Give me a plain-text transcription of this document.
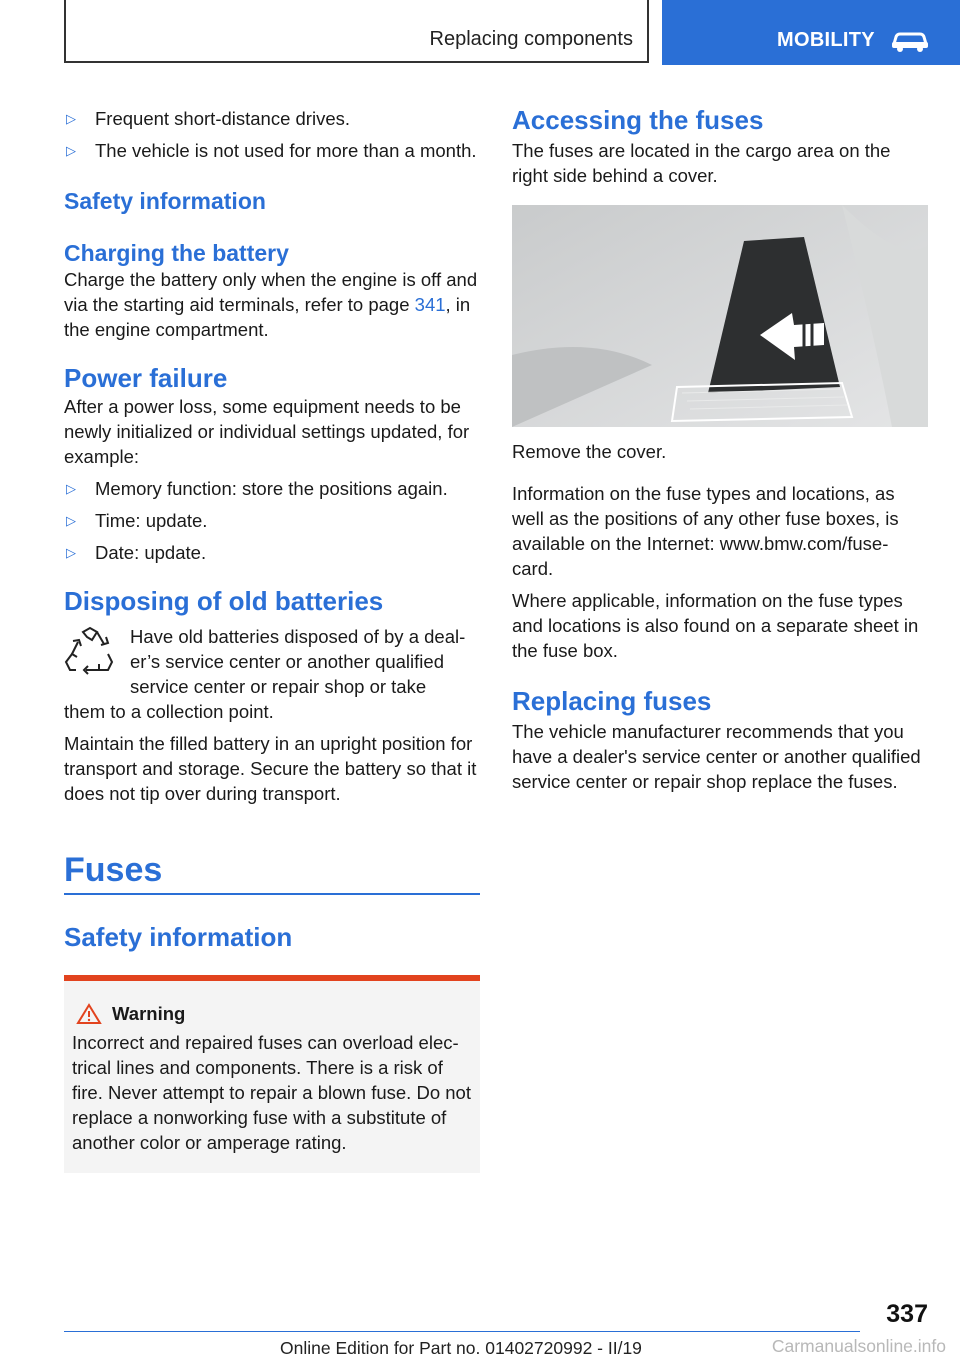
Replacing components	MOBILITY
▷	Frequent short-distance drives.
▷	The vehicle is not used for more than a month.
Safety information
Charging the battery

Charge the battery only when the engine is off and via the starting aid terminals, refer to page 341, in the engine compartment.

Power failure

After a power loss, some equipment needs to be newly initialized or individual settings updated, for example:

▷	Memory function: store the positions again.
▷	Time: update.
▷	Date: update.
Disposing of old batteries

Have old batteries disposed of by a dealer’s service center or another qualified service center or repair shop or take

them to a collection point.

Maintain the filled battery in an upright position for transport and storage. Secure the battery so that it does not tip over during transport.

Fuses
Safety information
Warning

Incorrect and repaired fuses can overload electrical lines and components. There is a risk of fire. Never attempt to repair a blown fuse. Do not replace a nonworking fuse with a substitute of another color or amperage rating.

Accessing the fuses

The fuses are located in the cargo area on the right side behind a cover.

Remove the cover.

Information on the fuse types and locations, as well as the positions of any other fuse boxes, is available on the Internet: www.bmw.com/fuse-card.

Where applicable, information on the fuse types and locations is also found on a separate sheet in the fuse box.

Replacing fuses

The vehicle manufacturer recommends that you have a dealer's service center or another qualified service center or repair shop replace the fuses.

337
Online Edition for Part no. 01402720992 - II/19	Carmanualsonline.info
